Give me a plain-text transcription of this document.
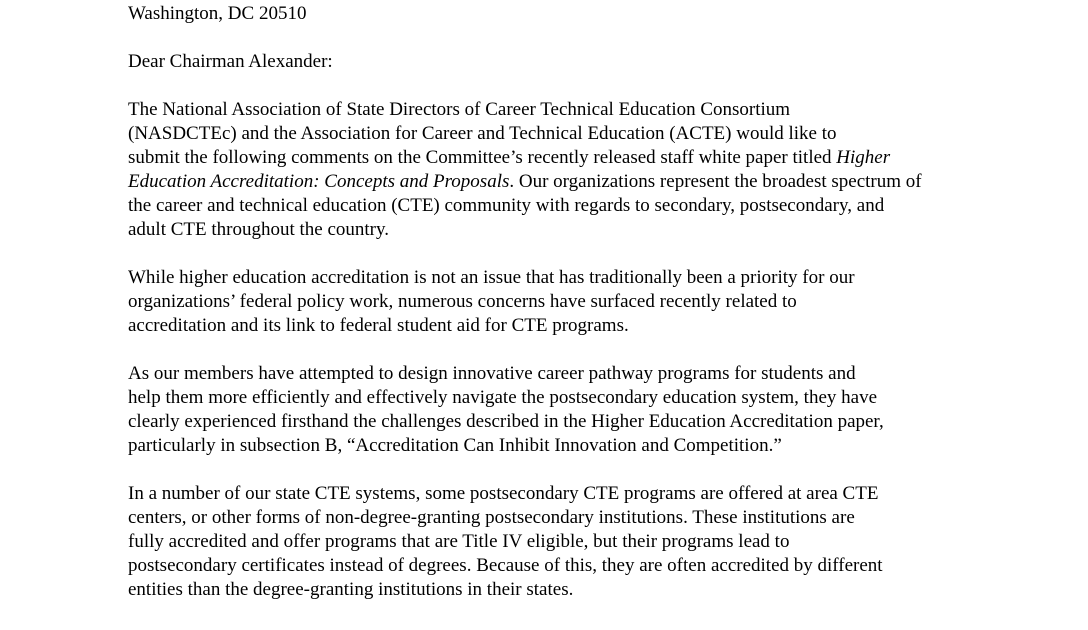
Washington, DC 20510
Dear Chairman Alexander:
The National Association of State Directors of Career Technical Education Consortium
(NASDCTEc) and the Association for Career and Technical Education (ACTE) would like to
submit the following comments on the Committee’s recently released staff white paper titled Higher
Education Accreditation: Concepts and Proposals. Our organizations represent the broadest spectrum of
the career and technical education (CTE) community with regards to secondary, postsecondary, and
adult CTE throughout the country.
While higher education accreditation is not an issue that has traditionally been a priority for our
organizations’ federal policy work, numerous concerns have surfaced recently related to
accreditation and its link to federal student aid for CTE programs.
As our members have attempted to design innovative career pathway programs for students and
help them more efficiently and effectively navigate the postsecondary education system, they have
clearly experienced firsthand the challenges described in the Higher Education Accreditation paper,
particularly in subsection B, “Accreditation Can Inhibit Innovation and Competition.”
In a number of our state CTE systems, some postsecondary CTE programs are offered at area CTE
centers, or other forms of non-degree-granting postsecondary institutions. These institutions are
fully accredited and offer programs that are Title IV eligible, but their programs lead to
postsecondary certificates instead of degrees. Because of this, they are often accredited by different
entities than the degree-granting institutions in their states.
